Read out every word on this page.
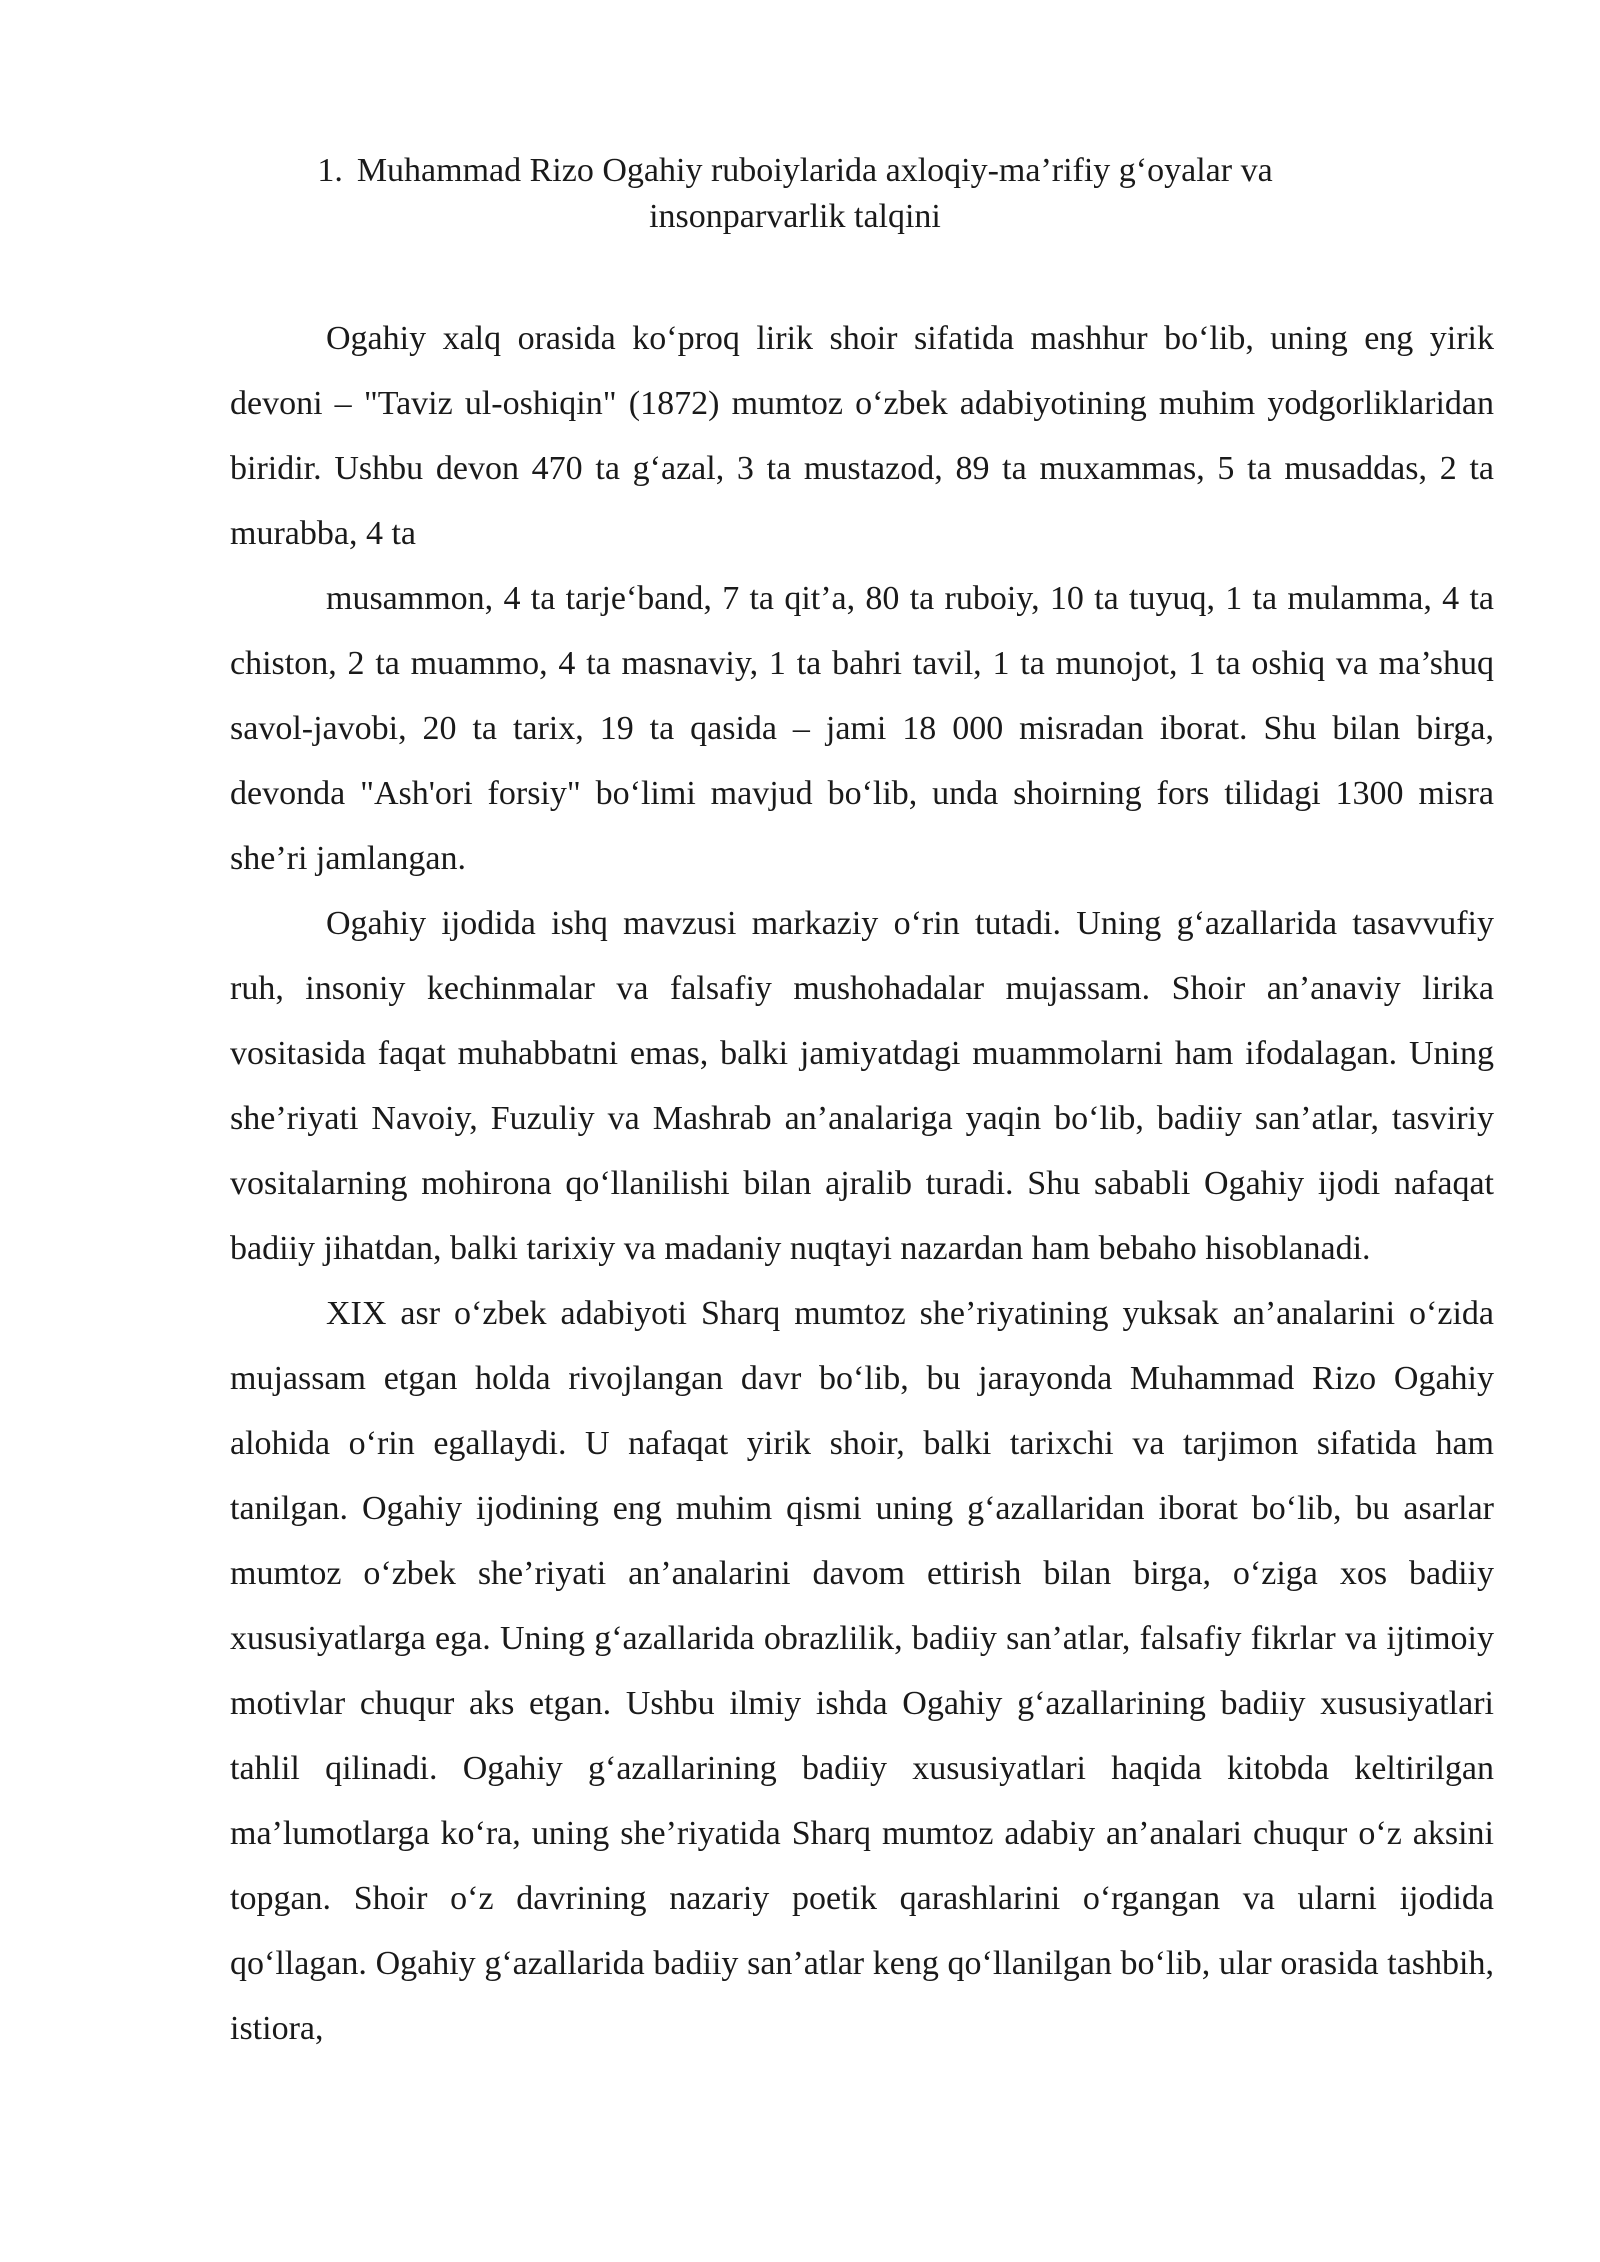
1. Muhammad Rizo Ogahiy ruboiylarida axloqiy-ma’rifiy g‘oyalar va insonparvarlik talqini

Ogahiy xalq orasida ko‘proq lirik shoir sifatida mashhur bo‘lib, uning eng yirik devoni – "Taviz ul-oshiqin" (1872) mumtoz o‘zbek adabiyotining muhim yodgorliklaridan biridir. Ushbu devon 470 ta g‘azal, 3 ta mustazod, 89 ta muxammas, 5 ta musaddas, 2 ta murabba, 4 ta

musammon, 4 ta tarje‘band, 7 ta qit’a, 80 ta ruboiy, 10 ta tuyuq, 1 ta mulamma, 4 ta chiston, 2 ta muammo, 4 ta masnaviy, 1 ta bahri tavil, 1 ta munojot, 1 ta oshiq va ma’shuq savol-javobi, 20 ta tarix, 19 ta qasida – jami 18 000 misradan iborat. Shu bilan birga, devonda "Ash'ori forsiy" bo‘limi mavjud bo‘lib, unda shoirning fors tilidagi 1300 misra she’ri jamlangan.

Ogahiy ijodida ishq mavzusi markaziy o‘rin tutadi. Uning g‘azallarida tasavvufiy ruh, insoniy kechinmalar va falsafiy mushohadalar mujassam. Shoir an’anaviy lirika vositasida faqat muhabbatni emas, balki jamiyatdagi muammolarni ham ifodalagan. Uning she’riyati Navoiy, Fuzuliy va Mashrab an’analariga yaqin bo‘lib, badiiy san’atlar, tasviriy vositalarning mohirona qo‘llanilishi bilan ajralib turadi. Shu sababli Ogahiy ijodi nafaqat badiiy jihatdan, balki tarixiy va madaniy nuqtayi nazardan ham bebaho hisoblanadi.

XIX asr o‘zbek adabiyoti Sharq mumtoz she’riyatining yuksak an’analarini o‘zida mujassam etgan holda rivojlangan davr bo‘lib, bu jarayonda Muhammad Rizo Ogahiy alohida o‘rin egallaydi. U nafaqat yirik shoir, balki tarixchi va tarjimon sifatida ham tanilgan. Ogahiy ijodining eng muhim qismi uning g‘azallaridan iborat bo‘lib, bu asarlar mumtoz o‘zbek she’riyati an’analarini davom ettirish bilan birga, o‘ziga xos badiiy xususiyatlarga ega. Uning g‘azallarida obrazlilik, badiiy san’atlar, falsafiy fikrlar va ijtimoiy motivlar chuqur aks etgan. Ushbu ilmiy ishda Ogahiy g‘azallarining badiiy xususiyatlari tahlil qilinadi. Ogahiy g‘azallarining badiiy xususiyatlari haqida kitobda keltirilgan ma’lumotlarga ko‘ra, uning she’riyatida Sharq mumtoz adabiy an’analari chuqur o‘z aksini topgan. Shoir o‘z davrining nazariy poetik qarashlarini o‘rgangan va ularni ijodida qo‘llagan. Ogahiy g‘azallarida badiiy san’atlar keng qo‘llanilgan bo‘lib, ular orasida tashbih, istiora,
